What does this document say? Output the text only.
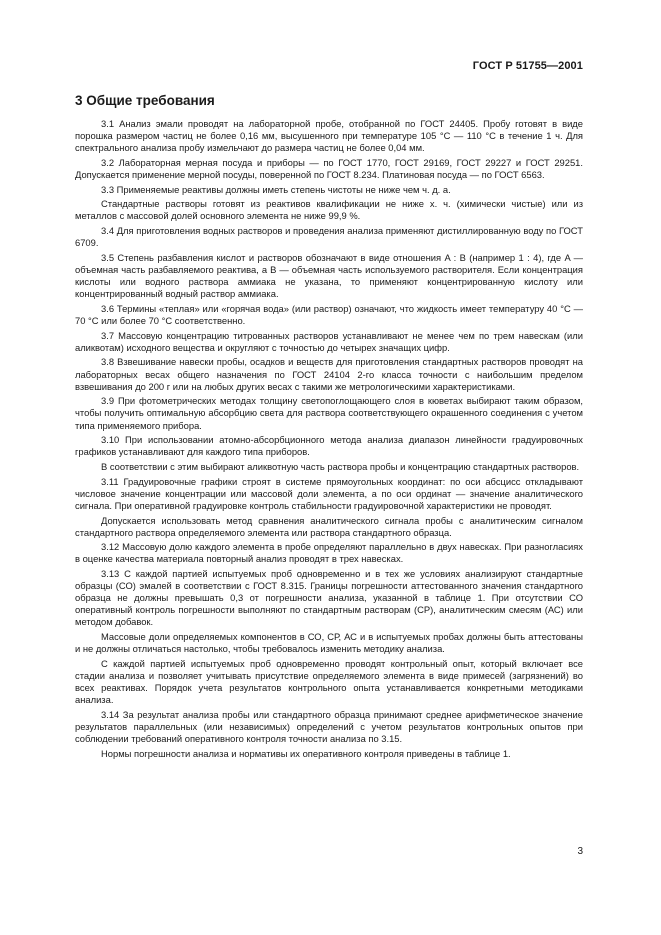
ГОСТ Р 51755—2001
3 Общие требования

3.1 Анализ эмали проводят на лабораторной пробе, отобранной по ГОСТ 24405. Пробу готовят в виде порошка размером частиц не более 0,16 мм, высушенного при температуре 105 °С — 110 °С в течение 1 ч. Для спектрального анализа пробу измельчают до размера частиц не более 0,04 мм.

3.2 Лабораторная мерная посуда и приборы — по ГОСТ 1770, ГОСТ 29169, ГОСТ 29227 и ГОСТ 29251. Допускается применение мерной посуды, поверенной по ГОСТ 8.234. Платиновая посуда — по ГОСТ 6563.

3.3 Применяемые реактивы должны иметь степень чистоты не ниже чем ч. д. а.

Стандартные растворы готовят из реактивов квалификации не ниже х. ч. (химически чистые) или из металлов с массовой долей основного элемента не ниже 99,9 %.

3.4 Для приготовления водных растворов и проведения анализа применяют дистиллированную воду по ГОСТ 6709.

3.5 Степень разбавления кислот и растворов обозначают в виде отношения A : B (например 1 : 4), где A — объемная часть разбавляемого реактива, а B — объемная часть используемого растворителя. Если концентрация кислоты или водного раствора аммиака не указана, то применяют концентрированную кислоту или концентрированный водный раствор аммиака.

3.6 Термины «теплая» или «горячая вода» (или раствор) означают, что жидкость имеет температуру 40 °С — 70 °С или более 70 °С соответственно.

3.7 Массовую концентрацию титрованных растворов устанавливают не менее чем по трем навескам (или аликвотам) исходного вещества и округляют с точностью до четырех значащих цифр.

3.8 Взвешивание навески пробы, осадков и веществ для приготовления стандартных растворов проводят на лабораторных весах общего назначения по ГОСТ 24104 2-го класса точности с наибольшим пределом взвешивания до 200 г или на любых других весах с такими же метрологическими характеристиками.

3.9 При фотометрических методах толщину светопоглощающего слоя в кюветах выбирают таким образом, чтобы получить оптимальную абсорбцию света для раствора соответствующего окрашенного соединения с учетом типа применяемого прибора.

3.10 При использовании атомно-абсорбционного метода анализа диапазон линейности градуировочных графиков устанавливают для каждого типа приборов.

В соответствии с этим выбирают аликвотную часть раствора пробы и концентрацию стандартных растворов.

3.11 Градуировочные графики строят в системе прямоугольных координат: по оси абсцисс откладывают числовое значение концентрации или массовой доли элемента, а по оси ординат — значение аналитического сигнала. При оперативной градуировке контроль стабильности градуировочной характеристики не проводят.

Допускается использовать метод сравнения аналитического сигнала пробы с аналитическим сигналом стандартного раствора определяемого элемента или раствора стандартного образца.

3.12 Массовую долю каждого элемента в пробе определяют параллельно в двух навесках. При разногласиях в оценке качества материала повторный анализ проводят в трех навесках.

3.13 С каждой партией испытуемых проб одновременно и в тех же условиях анализируют стандартные образцы (СО) эмалей в соответствии с ГОСТ 8.315. Границы погрешности аттестованного значения стандартного образца не должны превышать 0,3 от погрешности анализа, указанной в таблице 1. При отсутствии СО оперативный контроль погрешности выполняют по стандартным растворам (СР), аналитическим смесям (АС) или методом добавок.

Массовые доли определяемых компонентов в СО, СР, АС и в испытуемых пробах должны быть аттестованы и не должны отличаться настолько, чтобы требовалось изменить методику анализа.

С каждой партией испытуемых проб одновременно проводят контрольный опыт, который включает все стадии анализа и позволяет учитывать присутствие определяемого элемента в виде примесей (загрязнений) во всех реактивах. Порядок учета результатов контрольного опыта устанавливается конкретными методиками анализа.

3.14 За результат анализа пробы или стандартного образца принимают среднее арифметическое значение результатов параллельных (или независимых) определений с учетом результатов контрольных опытов при соблюдении требований оперативного контроля точности анализа по 3.15.

Нормы погрешности анализа и нормативы их оперативного контроля приведены в таблице 1.

3
